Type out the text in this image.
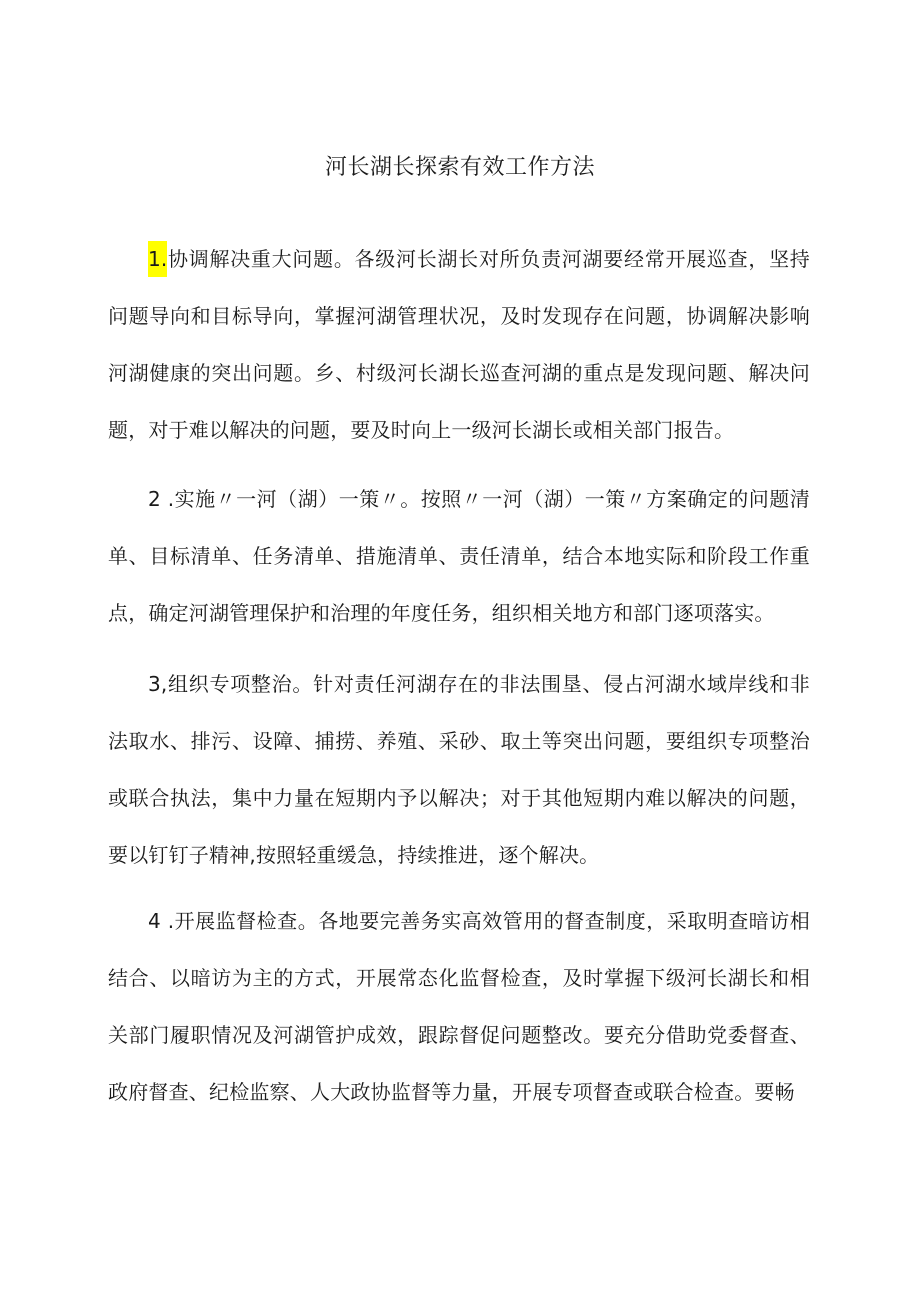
河长湖长探索有效工作方法

1.协调解决重大问题。各级河长湖长对所负责河湖要经常开展巡查，坚持问题导向和目标导向，掌握河湖管理状况，及时发现存在问题，协调解决影响河湖健康的突出问题。乡、村级河长湖长巡查河湖的重点是发现问题、解决问题，对于难以解决的问题，要及时向上一级河长湖长或相关部门报告。

2 .实施〃一河（湖）一策〃。按照〃一河（湖）一策〃方案确定的问题清单、目标清单、任务清单、措施清单、责任清单，结合本地实际和阶段工作重点，确定河湖管理保护和治理的年度任务，组织相关地方和部门逐项落实。

3,组织专项整治。针对责任河湖存在的非法围垦、侵占河湖水域岸线和非法取水、排污、设障、捕捞、养殖、采砂、取土等突出问题，要组织专项整治或联合执法，集中力量在短期内予以解决；对于其他短期内难以解决的问题，要以钉钉子精神,按照轻重缓急，持续推进，逐个解决。

4 .开展监督检查。各地要完善务实高效管用的督查制度，采取明查暗访相结合、以暗访为主的方式，开展常态化监督检查，及时掌握下级河长湖长和相关部门履职情况及河湖管护成效，跟踪督促问题整改。要充分借助党委督查、政府督查、纪检监察、人大政协监督等力量，开展专项督查或联合检查。要畅
